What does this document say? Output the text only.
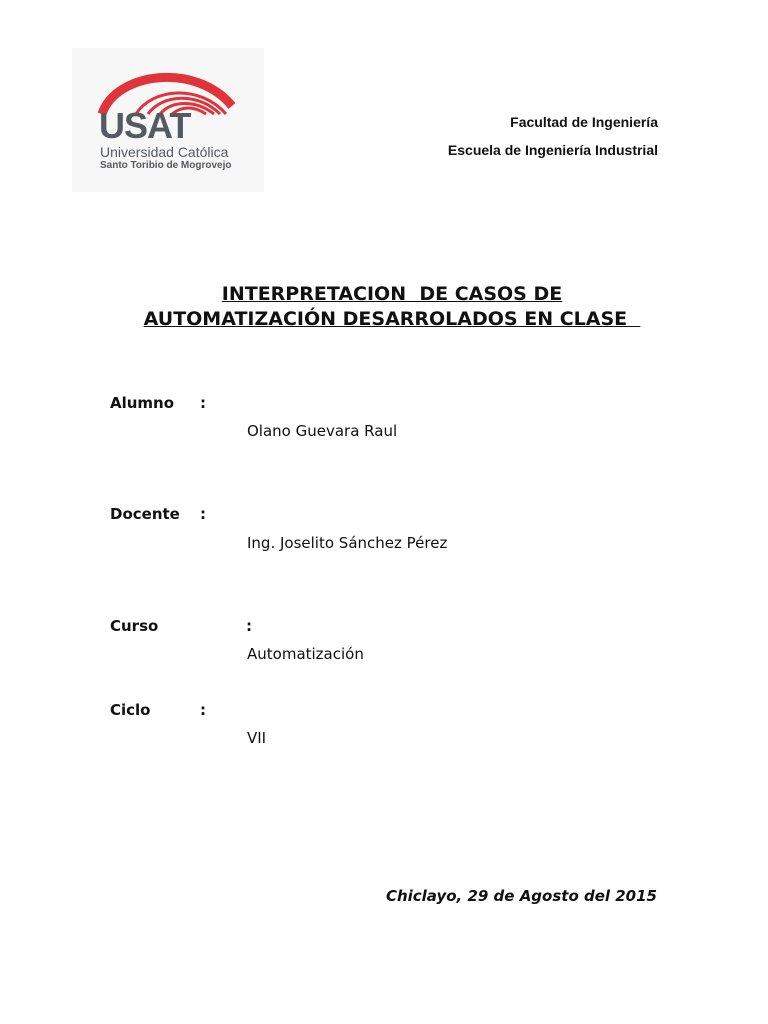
USAT
Universidad Católica
Santo Toribio de Mogrovejo
Facultad de Ingeniería
Escuela de Ingeniería Industrial
INTERPRETACION  DE CASOS DE
AUTOMATIZACIÓN DESARROLADOS EN CLASE
Alumno :
Olano Guevara Raul
Docente :
Ing. Joselito Sánchez Pérez
Curso	:
Automatización
Ciclo	:
VII
Chiclayo, 29 de Agosto del 2015
